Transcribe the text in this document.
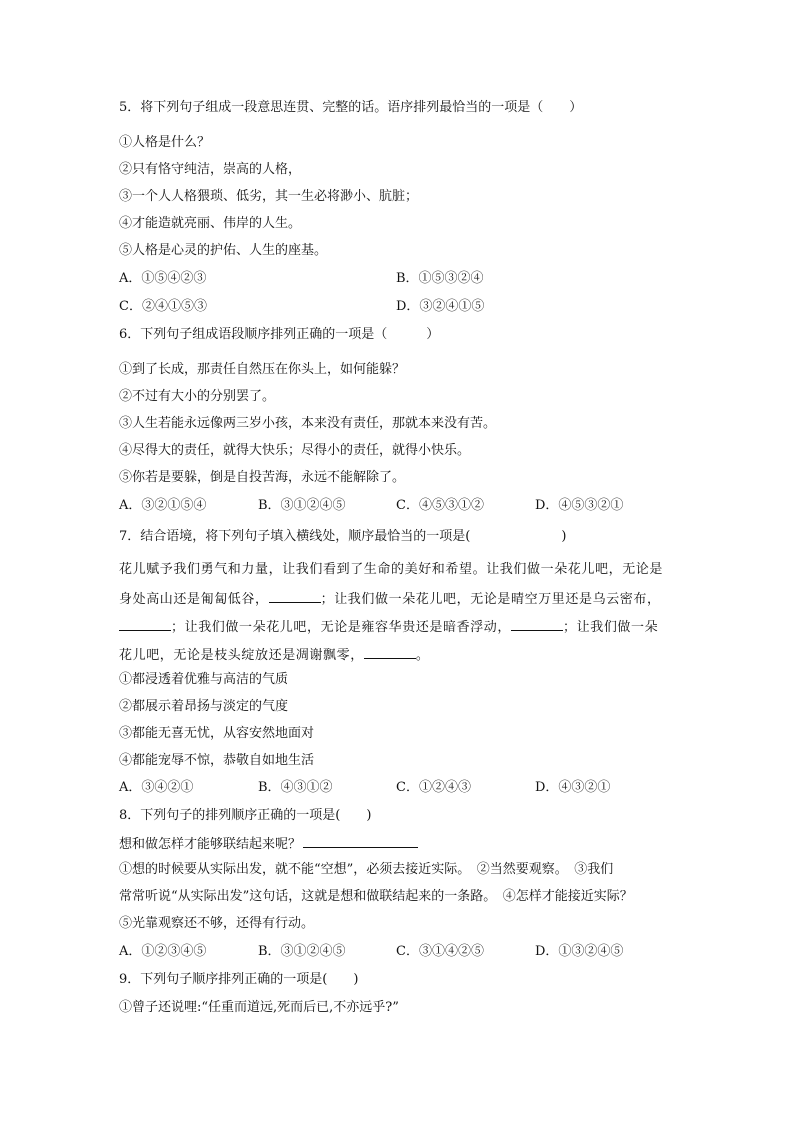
5．将下列句子组成一段意思连贯、完整的话。语序排列最恰当的一项是（　　）
①人格是什么？
②只有恪守纯洁，崇高的人格，
③一个人人格猥琐、低劣，其一生必将渺小、肮脏；
④才能造就亮丽、伟岸的人生。
⑤人格是心灵的护佑、人生的座基。
A．①⑤④②③	B．①⑤③②④
C．②④①⑤③	D．③②④①⑤
6．下列句子组成语段顺序排列正确的一项是（　　　）
①到了长成，那责任自然压在你头上，如何能躲？
②不过有大小的分别罢了。
③人生若能永远像两三岁小孩，本来没有责任，那就本来没有苦。
④尽得大的责任，就得大快乐；尽得小的责任，就得小快乐。
⑤你若是要躲，倒是自投苦海，永远不能解除了。
A．③②①⑤④	B．③①②④⑤	C．④⑤③①②	D．④⑤③②①
7．结合语境，将下列句子填入横线处，顺序最恰当的一项是(　　　　　　　)
花儿赋予我们勇气和力量，让我们看到了生命的美好和希望。让我们做一朵花儿吧，无论是
身处高山还是匍匐低谷，	；让我们做一朵花儿吧，无论是晴空万里还是乌云密布，
；让我们做一朵花儿吧，无论是雍容华贵还是暗香浮动，	；让我们做一朵
花儿吧，无论是枝头绽放还是凋谢飘零，	。
①都浸透着优雅与高洁的气质
②都展示着昂扬与淡定的气度
③都能无喜无忧，从容安然地面对
④都能宠辱不惊，恭敬自如地生活
A．③④②①	B．④③①②	C．①②④③	D．④③②①
8．下列句子的排列顺序正确的一项是(　　)
想和做怎样才能够联结起来呢？
①想的时候要从实际出发，就不能“空想”，必须去接近实际。　②当然要观察。　③我们
常常听说“从实际出发”这句话，这就是想和做联结起来的一条路。　④怎样才能接近实际？
⑤光靠观察还不够，还得有行动。
A．①②③④⑤	B．③①②④⑤	C．③①④②⑤	D．①③②④⑤
9．下列句子顺序排列正确的一项是(　　)
①曾子还说哩:“任重而道远,死而后已,不亦远乎?”
